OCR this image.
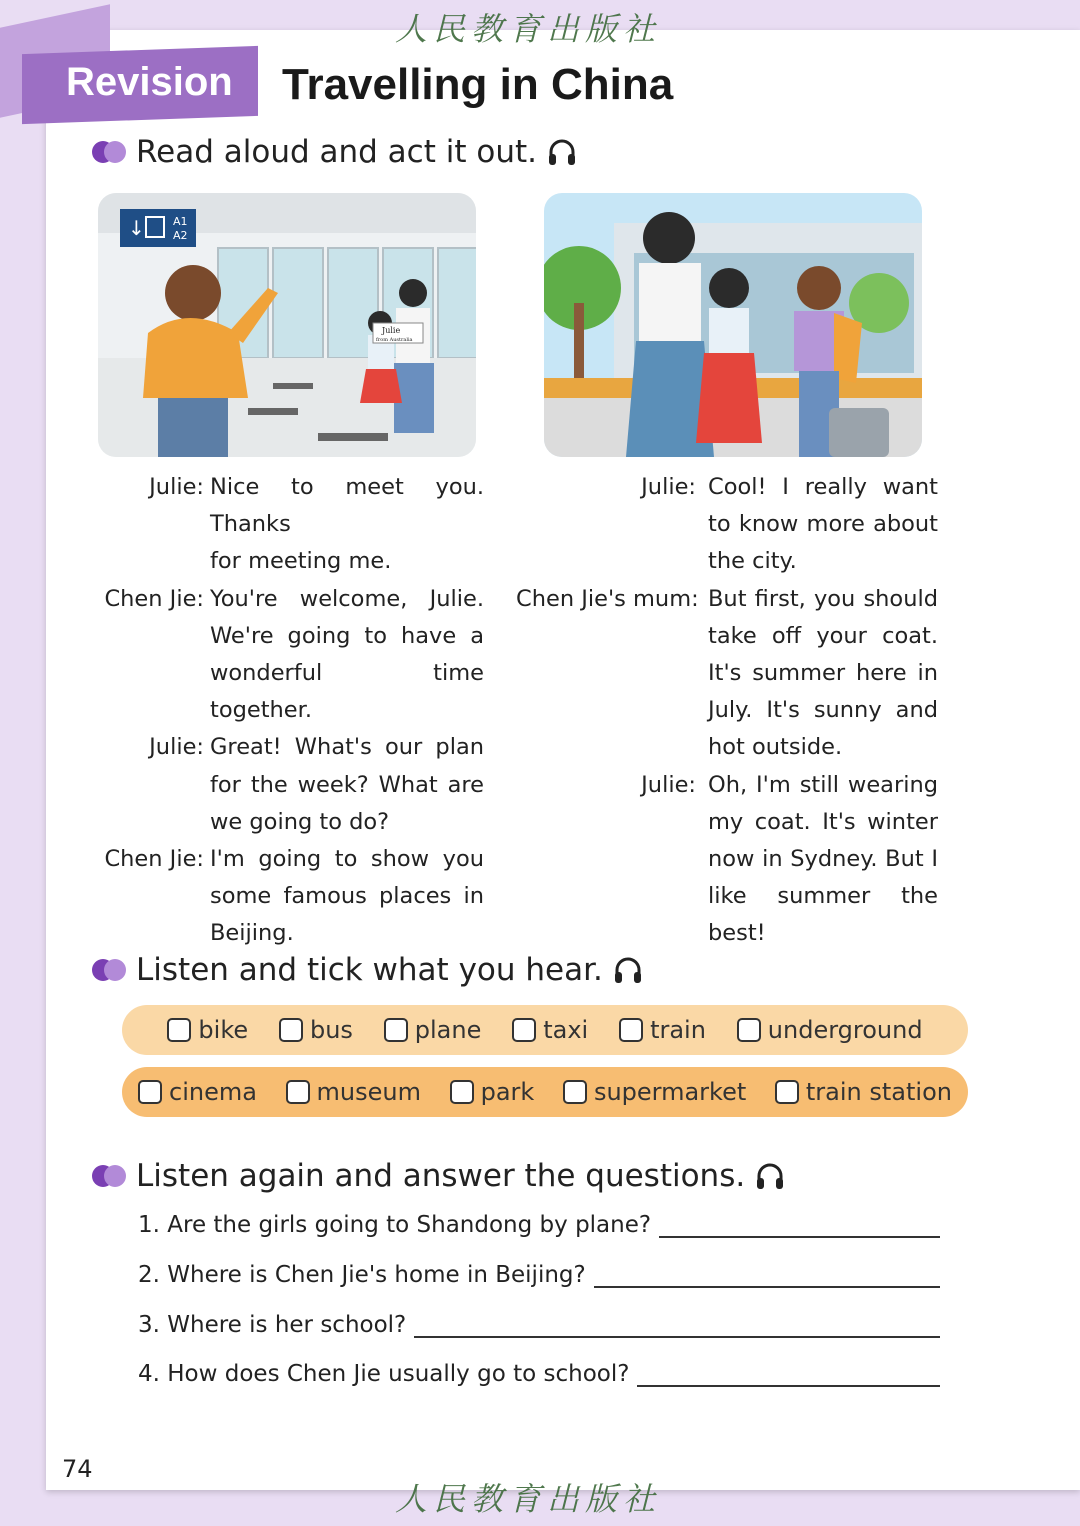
人民教育出版社
Revision Travelling in China
Read aloud and act it out.
↓	A1
A2
Julie
from Australia
Julie: Nice to meet you. Thanks
for meeting me.
Chen Jie: You're welcome, Julie.
We're going to have a
wonderful time together.
Julie: Great! What's our plan
for the week? What are
we going to do?
Chen Jie: I'm going to show you
some famous places in
Beijing.
Julie: Cool! I really want
to know more about
the city.
Chen Jie's mum: But first, you should
take off your coat.
It's summer here in
July. It's sunny and
hot outside.
Julie: Oh, I'm still wearing
my coat. It's winter
now in Sydney. But I
like summer the best!
Listen and tick what you hear.
bike	bus	plane	taxi	train	underground
cinema museum park supermarket train station
Listen again and answer the questions.
1. Are the girls going to Shandong by plane?
2. Where is Chen Jie's home in Beijing?
3. Where is her school?
4. How does Chen Jie usually go to school?
74
人民教育出版社
